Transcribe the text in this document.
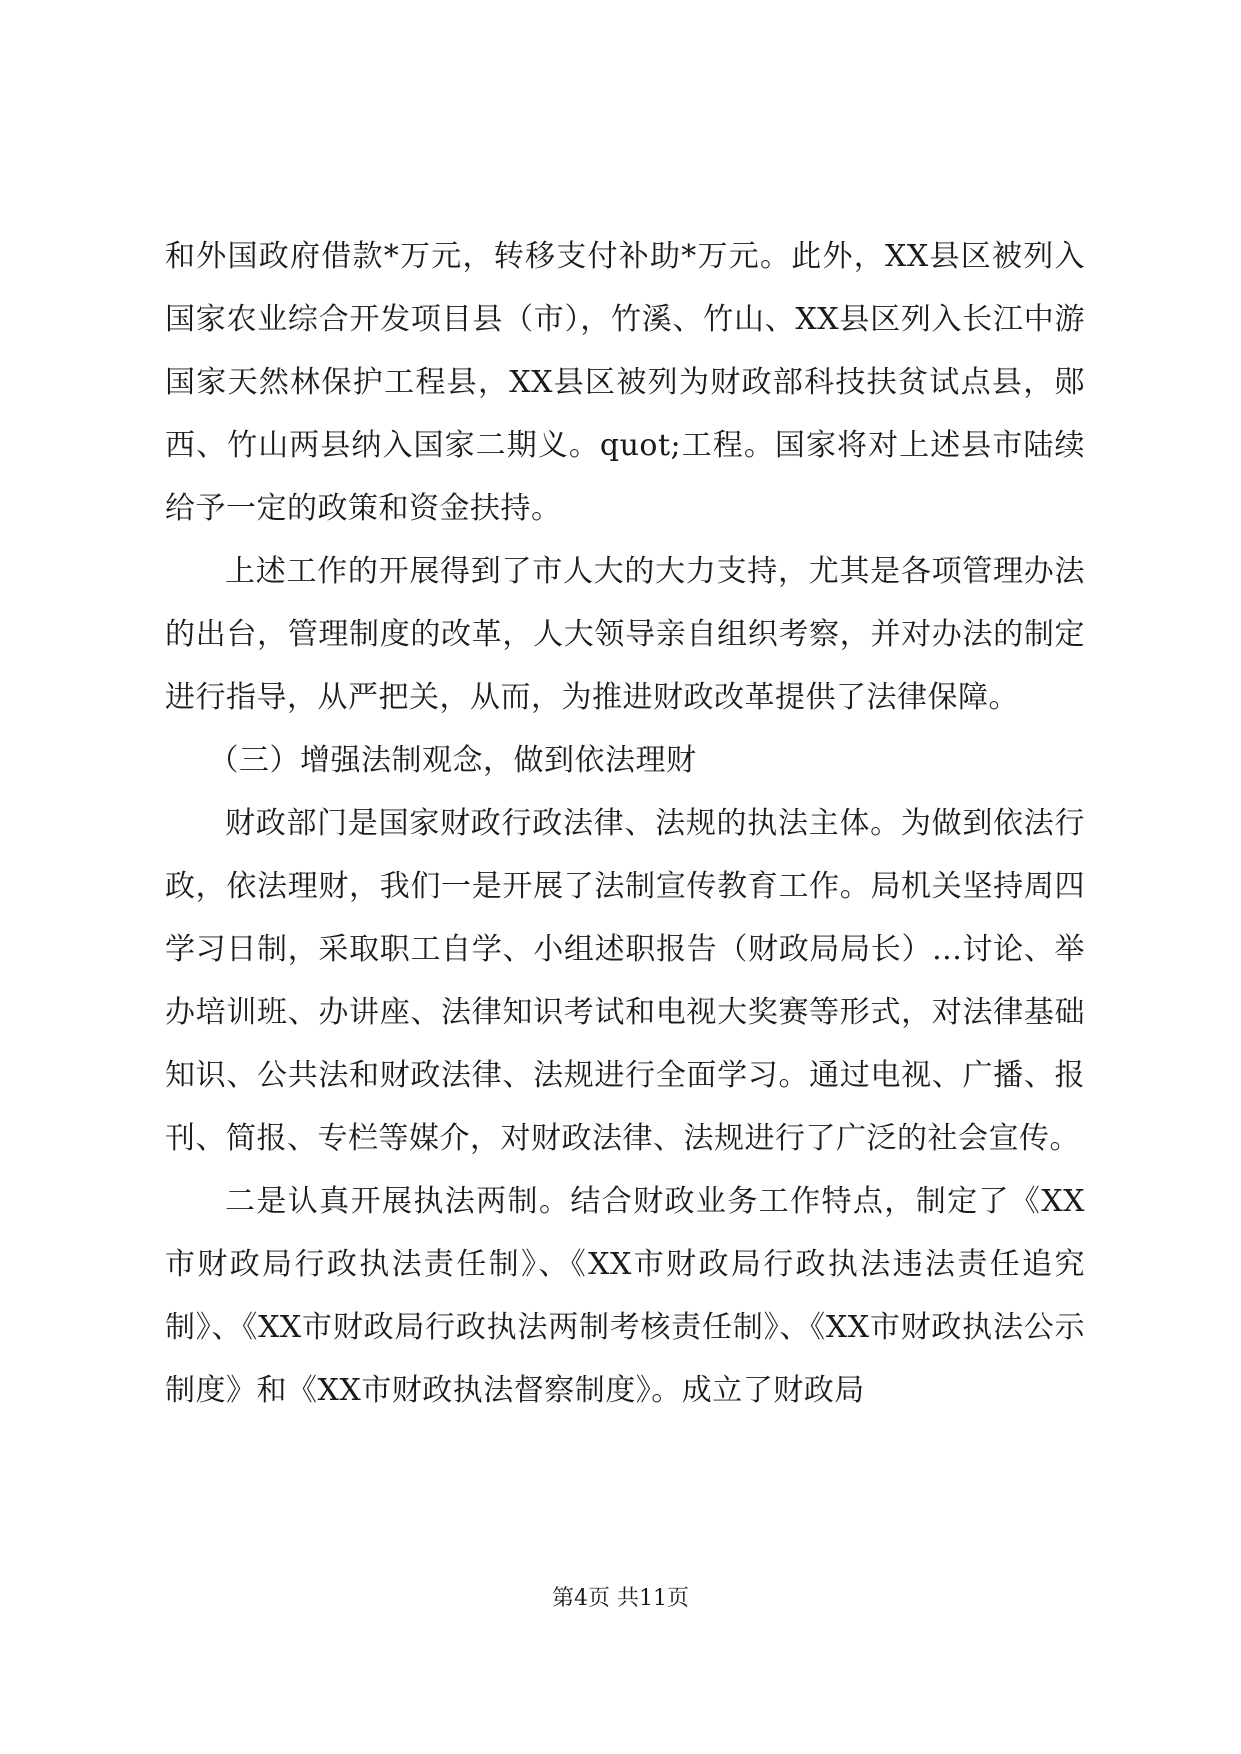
和外国政府借款*万元，转移支付补助*万元。此外，XX县区被列入国家农业综合开发项目县（市），竹溪、竹山、XX县区列入长江中游国家天然林保护工程县，XX县区被列为财政部科技扶贫试点县，郧西、竹山两县纳入国家二期义。quot;工程。国家将对上述县市陆续给予一定的政策和资金扶持。

上述工作的开展得到了市人大的大力支持，尤其是各项管理办法的出台，管理制度的改革，人大领导亲自组织考察，并对办法的制定进行指导，从严把关，从而，为推进财政改革提供了法律保障。

（三）增强法制观念，做到依法理财

财政部门是国家财政行政法律、法规的执法主体。为做到依法行政，依法理财，我们一是开展了法制宣传教育工作。局机关坚持周四学习日制，采取职工自学、小组述职报告（财政局局长）...讨论、举办培训班、办讲座、法律知识考试和电视大奖赛等形式，对法律基础知识、公共法和财政法律、法规进行全面学习。通过电视、广播、报刊、简报、专栏等媒介，对财政法律、法规进行了广泛的社会宣传。

二是认真开展执法两制。结合财政业务工作特点，制定了《XX市财政局行政执法责任制》、《XX市财政局行政执法违法责任追究制》、《XX市财政局行政执法两制考核责任制》、《XX市财政执法公示制度》和《XX市财政执法督察制度》。成立了财政局

第4页 共11页
